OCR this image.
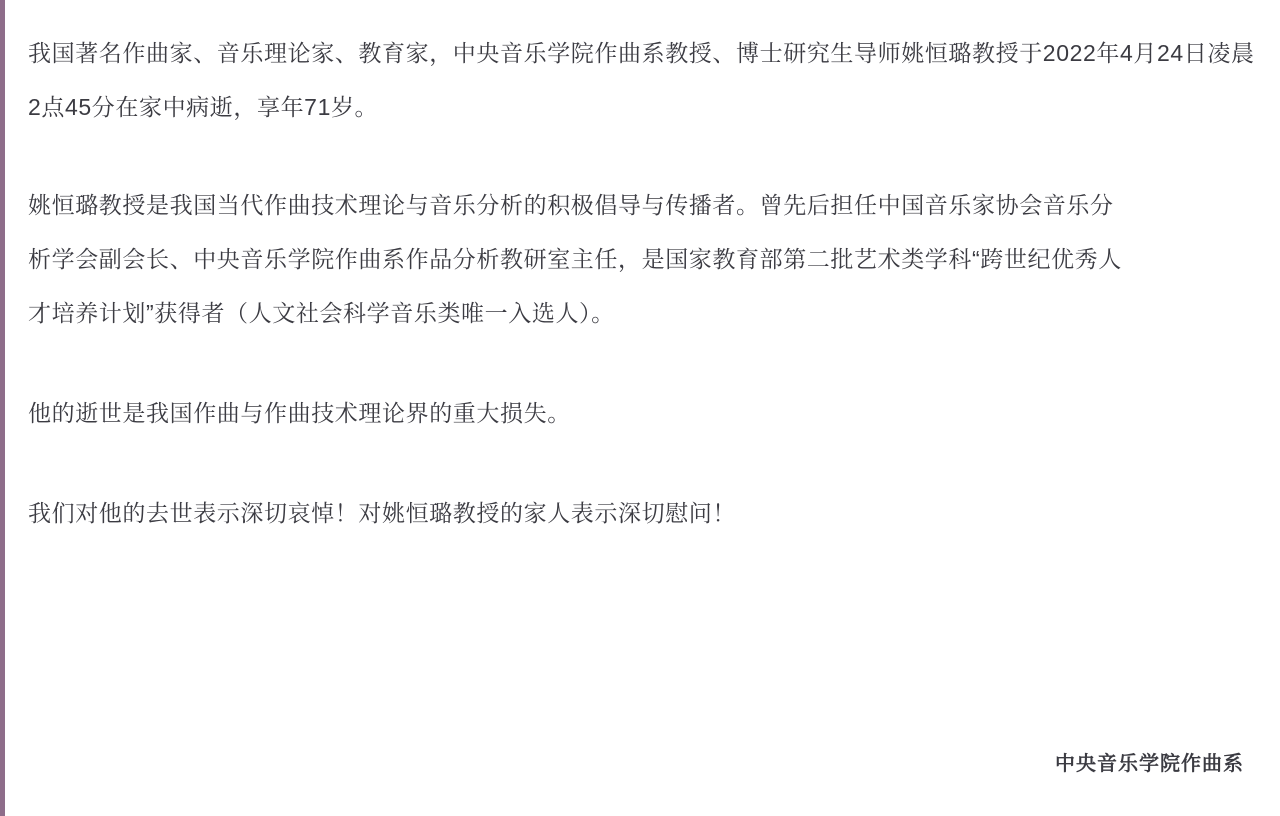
我国著名作曲家、音乐理论家、教育家，中央音乐学院作曲系教授、博士研究生导师姚恒璐教授于2022年4月24日凌晨2点45分在家中病逝，享年71岁。

姚恒璐教授是我国当代作曲技术理论与音乐分析的积极倡导与传播者。曾先后担任中国音乐家协会音乐分析学会副会长、中央音乐学院作曲系作品分析教研室主任，是国家教育部第二批艺术类学科“跨世纪优秀人才培养计划”获得者（人文社会科学音乐类唯一入选人）。

他的逝世是我国作曲与作曲技术理论界的重大损失。

我们对他的去世表示深切哀悼！对姚恒璐教授的家人表示深切慰问！

中央音乐学院作曲系
